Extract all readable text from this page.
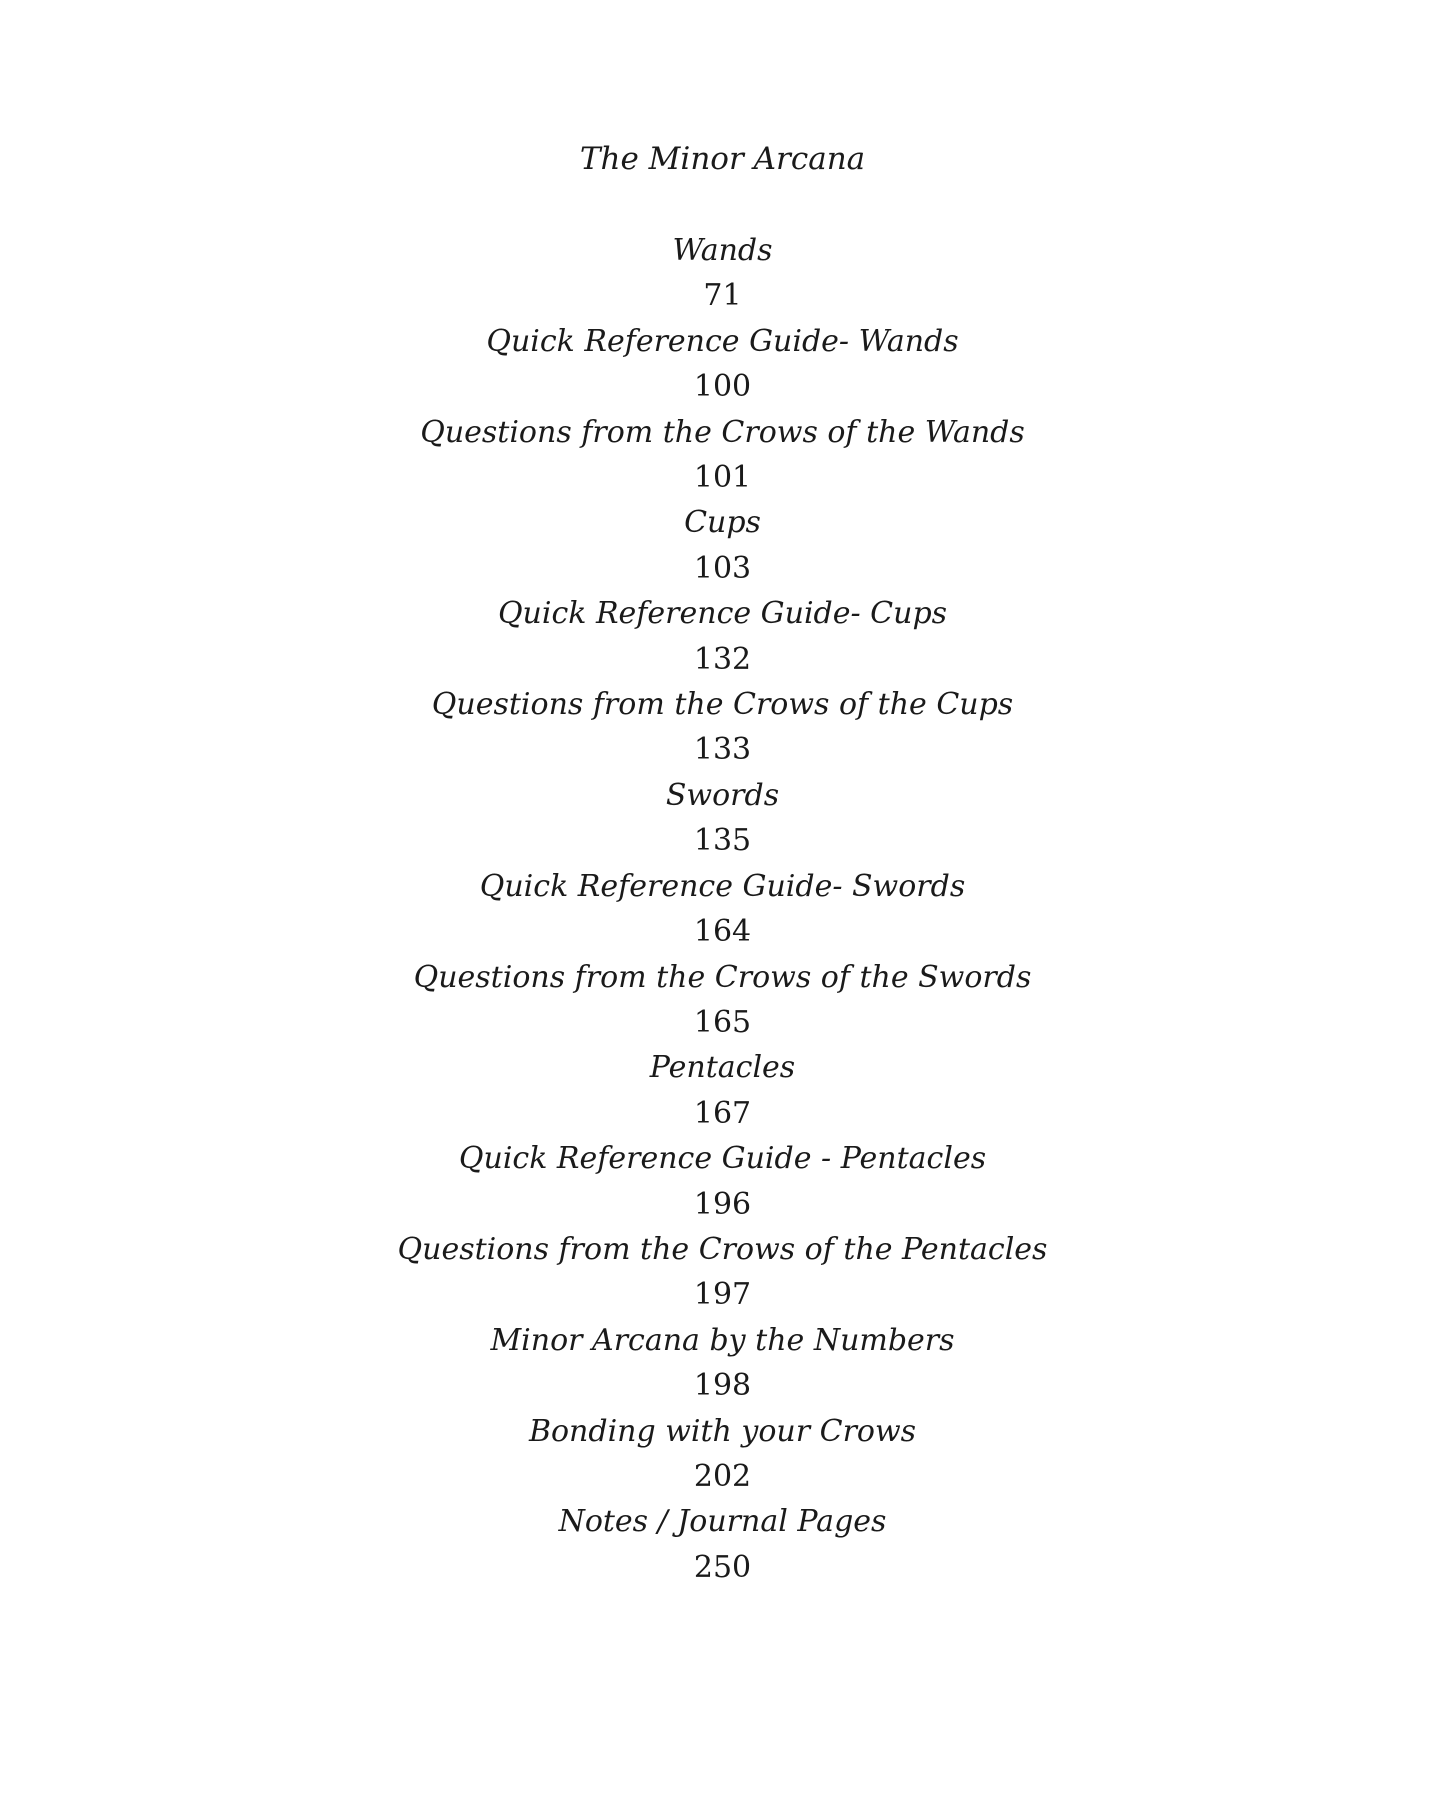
The Minor Arcana
Wands
71
Quick Reference Guide- Wands
100
Questions from the Crows of the Wands
101
Cups
103
Quick Reference Guide- Cups
132
Questions from the Crows of the Cups
133
Swords
135
Quick Reference Guide- Swords
164
Questions from the Crows of the Swords
165
Pentacles
167
Quick Reference Guide - Pentacles
196
Questions from the Crows of the Pentacles
197
Minor Arcana by the Numbers
198
Bonding with your Crows
202
Notes / Journal Pages
250
